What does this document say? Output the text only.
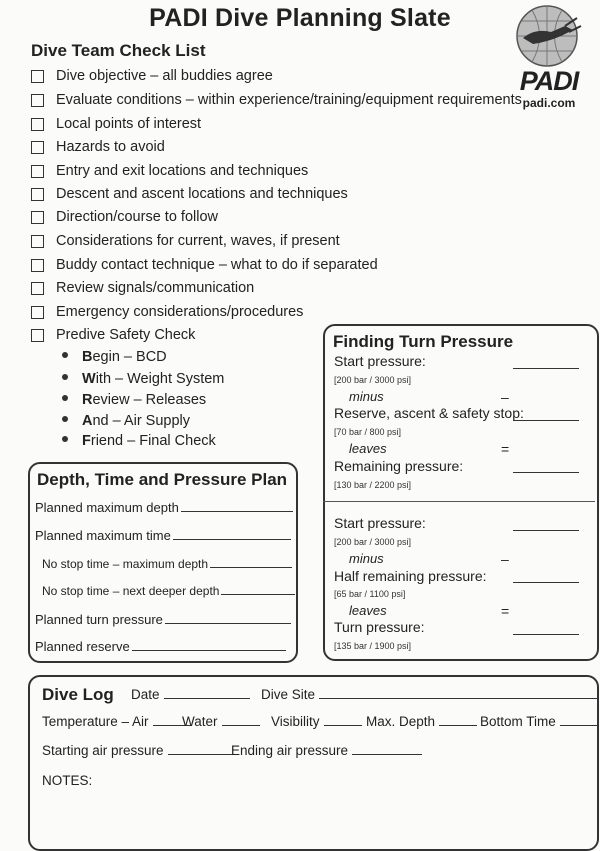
PADI Dive Planning Slate
PADI
padi.com
Dive Team Check List
Dive objective – all buddies agree
Evaluate conditions – within experience/training/equipment requirements
Local points of interest
Hazards to avoid
Entry and exit locations and techniques
Descent and ascent locations and techniques
Direction/course to follow
Considerations for current, waves, if present
Buddy contact technique – what to do if separated
Review signals/communication
Emergency considerations/procedures
Predive Safety Check
Begin – BCD
With – Weight System
Review – Releases
And – Air Supply
Friend – Final Check
Depth, Time and Pressure Plan
Planned maximum depth
Planned maximum time
No stop time – maximum depth
No stop time – next deeper depth
Planned turn pressure
Planned reserve
Finding Turn Pressure
Start pressure:
[200 bar / 3000 psi]
minus	–
Reserve, ascent & safety stop:
[70 bar / 800 psi]
leaves	=
Remaining pressure:
[130 bar / 2200 psi]
Start pressure:
[200 bar / 3000 psi]
minus	–
Half remaining pressure:
[65 bar / 1100 psi]
leaves	=
Turn pressure:
[135 bar / 1900 psi]
Dive Log Date	Dive Site
Temperature – Air Water	Visibility	Max. Depth	Bottom Time
Starting air pressure	Ending air pressure
NOTES:
